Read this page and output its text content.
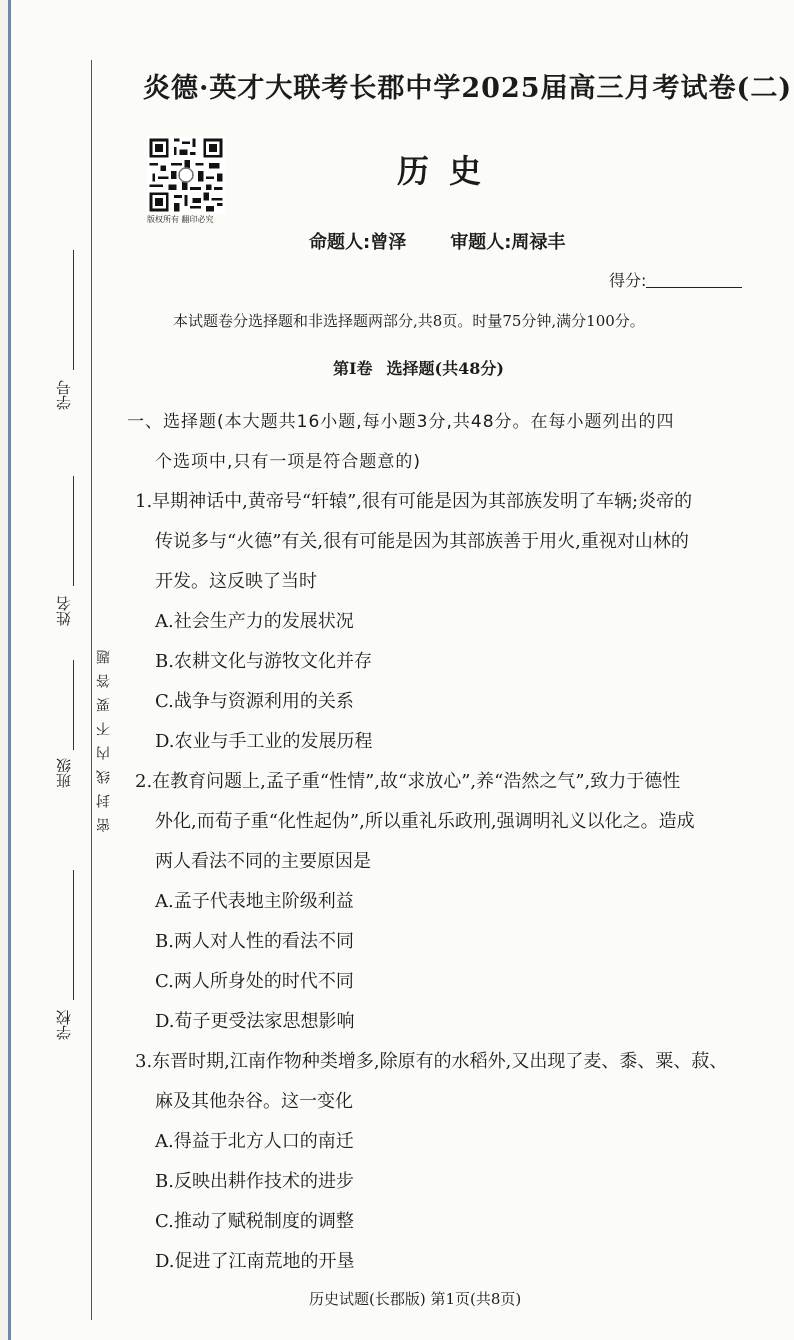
学校
班级
姓名
学号
密封线内不要答题
炎德·英才大联考长郡中学2025届高三月考试卷(二)
版权所有 翻印必究
历史
命题人:曾泽 审题人:周禄丰
得分:
本试题卷分选择题和非选择题两部分,共8页。时量75分钟,满分100分。
第Ⅰ卷 选择题(共48分)
一、选择题(本大题共16小题,每小题3分,共48分。在每小题列出的四
个选项中,只有一项是符合题意的)
1.早期神话中,黄帝号“轩辕”,很有可能是因为其部族发明了车辆;炎帝的
传说多与“火德”有关,很有可能是因为其部族善于用火,重视对山林的
开发。这反映了当时
A.社会生产力的发展状况
B.农耕文化与游牧文化并存
C.战争与资源利用的关系
D.农业与手工业的发展历程
2.在教育问题上,孟子重“性情”,故“求放心”,养“浩然之气”,致力于德性
外化,而荀子重“化性起伪”,所以重礼乐政刑,强调明礼义以化之。造成
两人看法不同的主要原因是
A.孟子代表地主阶级利益
B.两人对人性的看法不同
C.两人所身处的时代不同
D.荀子更受法家思想影响
3.东晋时期,江南作物种类增多,除原有的水稻外,又出现了麦、黍、粟、菽、
麻及其他杂谷。这一变化
A.得益于北方人口的南迁
B.反映出耕作技术的进步
C.推动了赋税制度的调整
D.促进了江南荒地的开垦
历史试题(长郡版) 第1页(共8页)
